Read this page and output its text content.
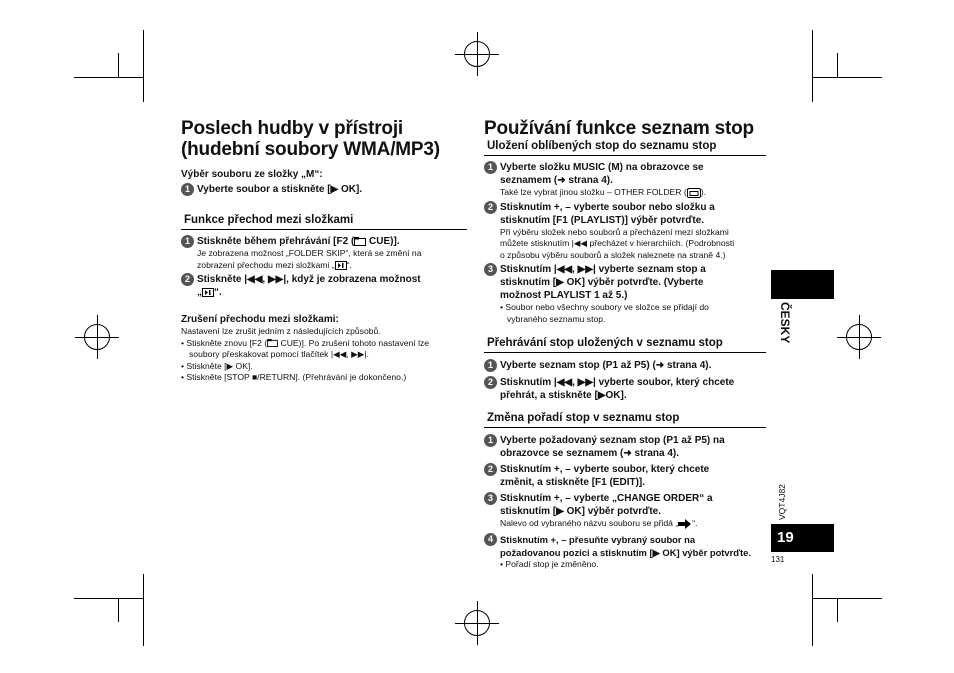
Poslech hudby v přístroji
(hudební soubory WMA/MP3)
Výběr souboru ze složky „M“:
1 Vyberte soubor a stiskněte [▶ OK].
Funkce přechod mezi složkami
1 Stiskněte během přehrávání [F2 ( CUE)].
Je zobrazena možnost „FOLDER SKIP“, která se změní na
zobrazení přechodu mezi složkami „ “.
2 Stiskněte |◀◀, ▶▶|, když je zobrazena možnost
„ “.
Zrušení přechodu mezi složkami:
Nastavení lze zrušit jedním z následujících způsobů.
• Stiskněte znovu [F2 ( CUE)]. Po zrušení tohoto nastavení lze
soubory přeskakovat pomocí tlačítek |◀◀, ▶▶|.
• Stiskněte [▶ OK].
• Stiskněte [STOP ■/RETURN]. (Přehrávání je dokončeno.)
Používání funkce seznam stop
Uložení oblíbených stop do seznamu stop
1 Vyberte složku MUSIC (M) na obrazovce se
seznamem (➜ strana 4).
Také lze vybrat jinou složku – OTHER FOLDER ( ).
2 Stisknutím +, – vyberte soubor nebo složku a
stisknutím [F1 (PLAYLIST)] výběr potvrďte.
Při výběru složek nebo souborů a přecházení mezi složkami
můžete stisknutím |◀◀ přecházet v hierarchiích. (Podrobnosti
o způsobu výběru souborů a složek naleznete na straně 4.)
3 Stisknutím |◀◀, ▶▶| vyberte seznam stop a
stisknutím [▶ OK] výběr potvrďte. (Vyberte
možnost PLAYLIST 1 až 5.)
• Soubor nebo všechny soubory ve složce se přidají do
vybraného seznamu stop.
Přehrávání stop uložených v seznamu stop
1 Vyberte seznam stop (P1 až P5) (➜ strana 4).
2 Stisknutím |◀◀, ▶▶| vyberte soubor, který chcete
přehrát, a stiskněte [▶OK].
Změna pořadí stop v seznamu stop
1 Vyberte požadovaný seznam stop (P1 až P5) na
obrazovce se seznamem (➜ strana 4).
2 Stisknutím +, – vyberte soubor, který chcete
změnit, a stiskněte [F1 (EDIT)].
3 Stisknutím +, – vyberte „CHANGE ORDER“ a
stisknutím [▶ OK] výběr potvrďte.
Nalevo od vybraného názvu souboru se přidá „ “.
4 Stisknutím +, – přesuňte vybraný soubor na
požadovanou pozici a stisknutím [▶ OK] výběr potvrďte.
• Pořadí stop je změněno.
ČESKY
VQT4J82
19
131
